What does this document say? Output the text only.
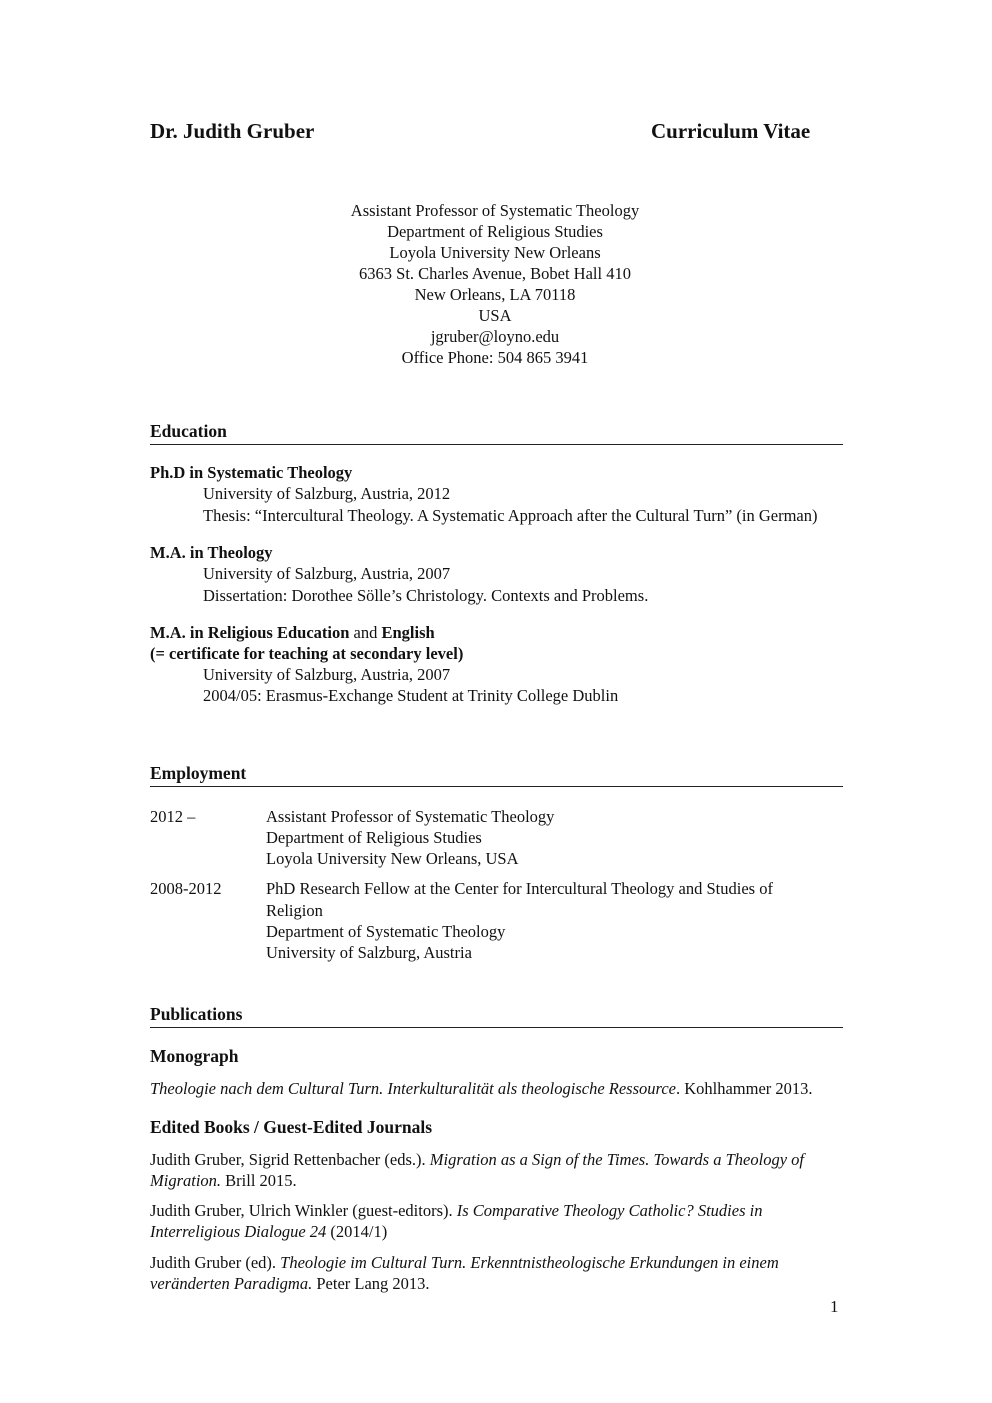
Dr. Judith Gruber	Curriculum Vitae
Assistant Professor of Systematic Theology
Department of Religious Studies
Loyola University New Orleans
6363 St. Charles Avenue, Bobet Hall 410
New Orleans, LA 70118
USA
jgruber@loyno.edu
Office Phone: 504 865 3941
Education
Ph.D in Systematic Theology
University of Salzburg, Austria, 2012
Thesis: “Intercultural Theology. A Systematic Approach after the Cultural Turn” (in German)
M.A. in Theology
University of Salzburg, Austria, 2007
Dissertation: Dorothee Sölle’s Christology. Contexts and Problems.
M.A. in Religious Education and English
(= certificate for teaching at secondary level)
University of Salzburg, Austria, 2007
2004/05: Erasmus-Exchange Student at Trinity College Dublin
Employment
2012 –	Assistant Professor of Systematic Theology
Department of Religious Studies
Loyola University New Orleans, USA
2008-2012	PhD Research Fellow at the Center for Intercultural Theology and Studies of
Religion
Department of Systematic Theology
University of Salzburg, Austria
Publications
Monograph
Theologie nach dem Cultural Turn. Interkulturalität als theologische Ressource. Kohlhammer 2013.
Edited Books / Guest-Edited Journals
Judith Gruber, Sigrid Rettenbacher (eds.). Migration as a Sign of the Times. Towards a Theology of Migration. Brill 2015.
Judith Gruber, Ulrich Winkler (guest-editors). Is Comparative Theology Catholic? Studies in Interreligious Dialogue 24 (2014/1)
Judith Gruber (ed). Theologie im Cultural Turn. Erkenntnistheologische Erkundungen in einem veränderten Paradigma. Peter Lang 2013.
1
